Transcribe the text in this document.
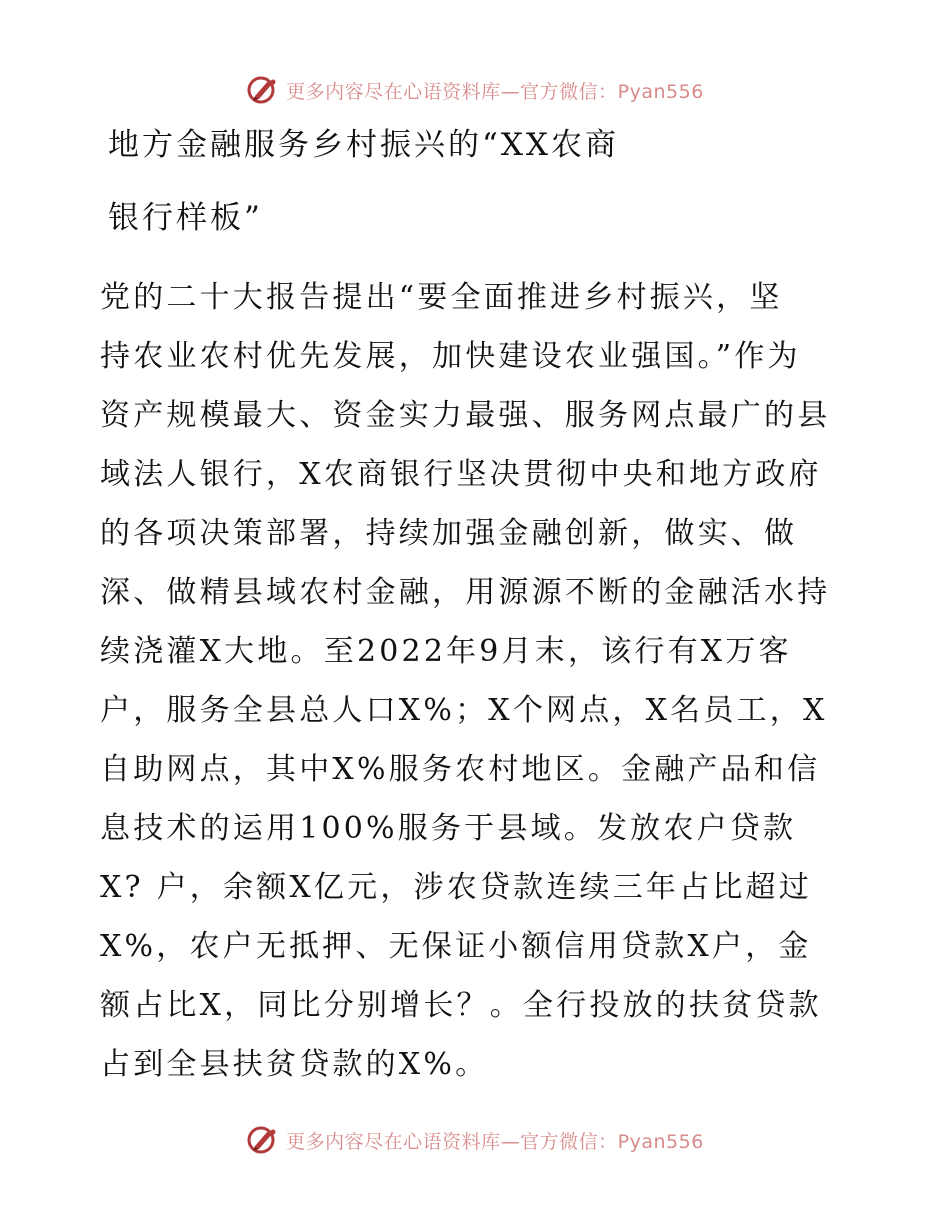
更多内容尽在心语资料库—官方微信：Pyan556
地方金融服务乡村振兴的“XX农商
银行样板”
党的二十大报告提出“要全面推进乡村振兴，坚
持农业农村优先发展，加快建设农业强国。”作为
资产规模最大、资金实力最强、服务网点最广的县
域法人银行，X农商银行坚决贯彻中央和地方政府
的各项决策部署，持续加强金融创新，做实、做
深、做精县域农村金融，用源源不断的金融活水持
续浇灌X大地。至2022年9月末，该行有X万客
户，服务全县总人口X%；X个网点，X名员工，X
自助网点，其中X%服务农村地区。金融产品和信
息技术的运用100%服务于县域。发放农户贷款
X? 户，余额X亿元，涉农贷款连续三年占比超过
X%，农户无抵押、无保证小额信用贷款X户，金
额占比X，同比分别增长？。全行投放的扶贫贷款
占到全县扶贫贷款的X%。
更多内容尽在心语资料库—官方微信：Pyan556
